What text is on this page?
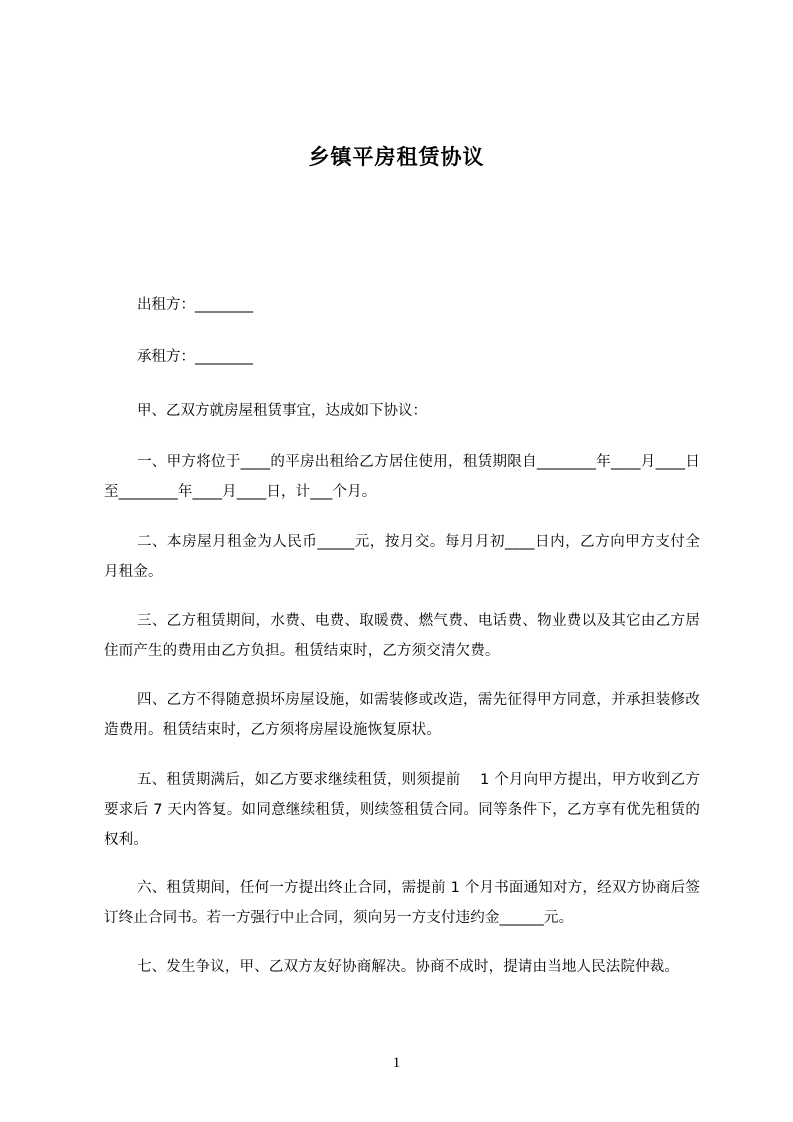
乡镇平房租赁协议
出租方：________
承租方：________
甲、乙双方就房屋租赁事宜，达成如下协议：
一、甲方将位于____的平房出租给乙方居住使用，租赁期限自________年____月____日至________年____月____日，计___个月。
二、本房屋月租金为人民币_____元，按月交。每月月初____日内，乙方向甲方支付全月租金。
三、乙方租赁期间，水费、电费、取暖费、燃气费、电话费、物业费以及其它由乙方居住而产生的费用由乙方负担。租赁结束时，乙方须交清欠费。
四、乙方不得随意损坏房屋设施，如需装修或改造，需先征得甲方同意，并承担装修改造费用。租赁结束时，乙方须将房屋设施恢复原状。
五、租赁期满后，如乙方要求继续租赁，则须提前　 1 个月向甲方提出，甲方收到乙方要求后 7 天内答复。如同意继续租赁，则续签租赁合同。同等条件下，乙方享有优先租赁的权利。
六、租赁期间，任何一方提出终止合同，需提前 1 个月书面通知对方，经双方协商后签订终止合同书。若一方强行中止合同，须向另一方支付违约金______元。
七、发生争议，甲、乙双方友好协商解决。协商不成时，提请由当地人民法院仲裁。
1
